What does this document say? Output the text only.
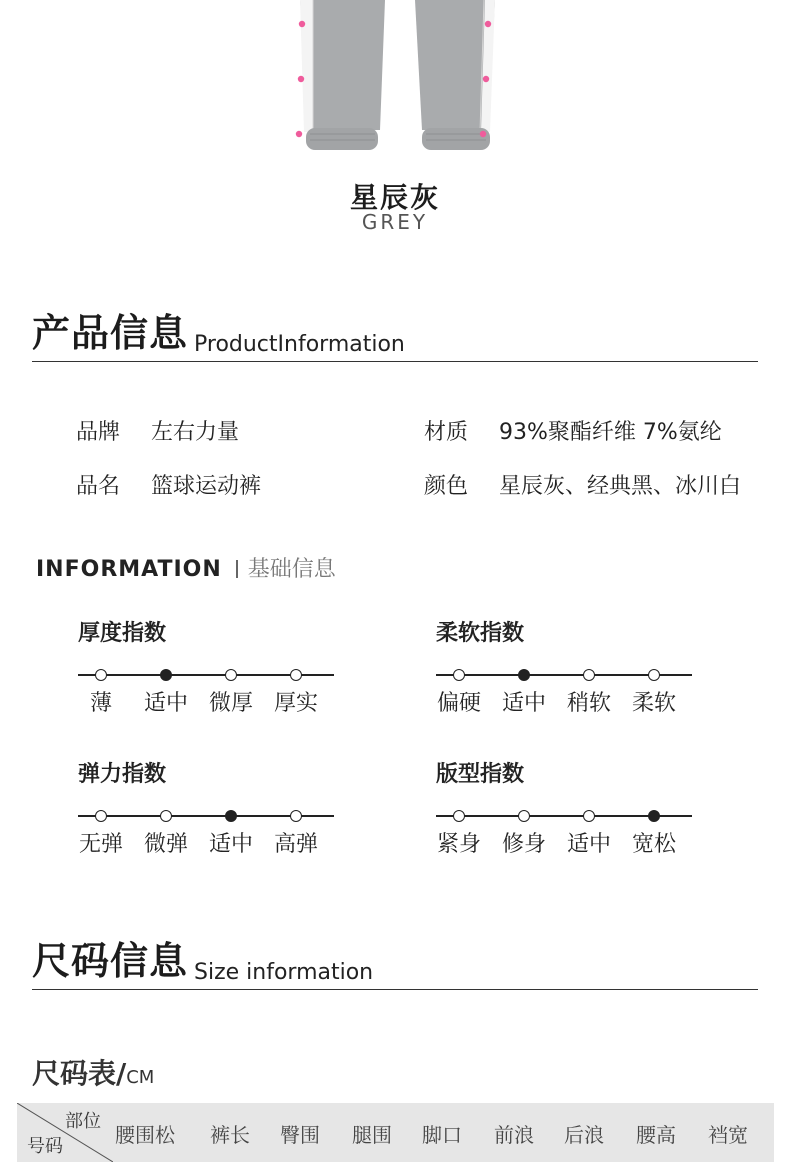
星辰灰
GREY
产品信息 ProductInformation
品牌 左右力量	材质 93%聚酯纤维 7%氨纶
品名 篮球运动裤	颜色 星辰灰、经典黑、冰川白
INFORMATION 基础信息
厚度指数
薄	适中 微厚 厚实
柔软指数
偏硬 适中 稍软 柔软
弹力指数
无弹 微弹 适中 高弹
版型指数
紧身 修身 适中 宽松
尺码信息 Size information
尺码表/CM
部位
号码	腰围松 裤长 臀围 腿围 脚口 前浪 后浪 腰高 裆宽
